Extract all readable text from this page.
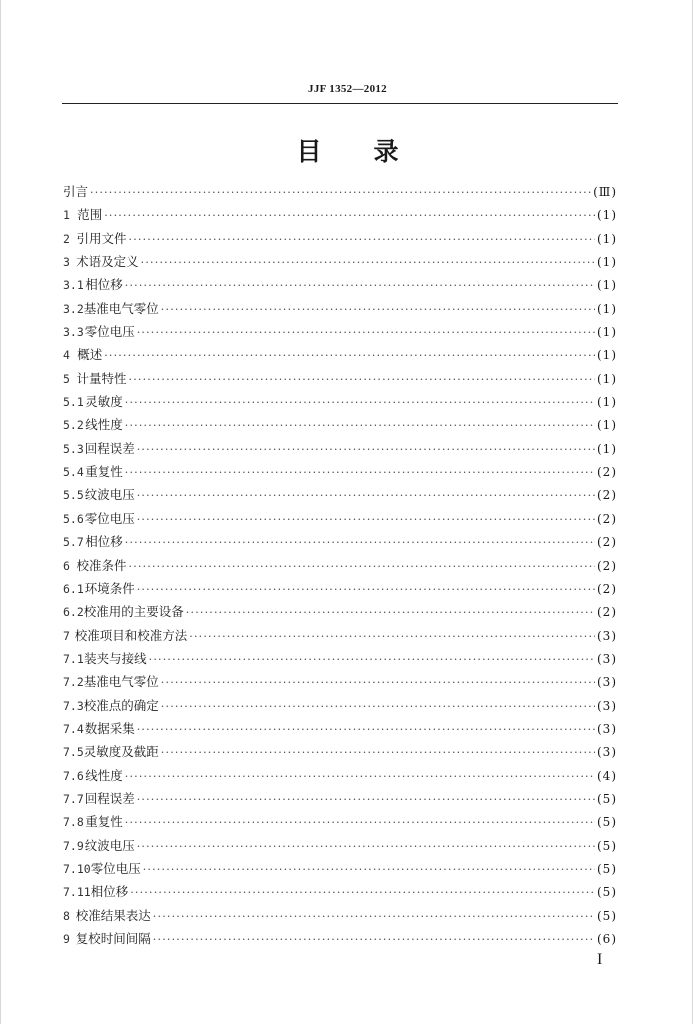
JJF 1352—2012
目录
引言 ·····	(Ⅲ)
1 范围 ·····	(1)
2 引用文件 ·····	(1)
3 术语及定义 ·····	(1)
3.1 相位移 ·····	(1)
3.2 基准电气零位 ·····	(1)
3.3 零位电压 ·····	(1)
4 概述 ·····	(1)
5 计量特性 ·····	(1)
5.1 灵敏度 ·····	(1)
5.2 线性度 ·····	(1)
5.3 回程误差 ·····	(1)
5.4 重复性 ·····	(2)
5.5 纹波电压 ·····	(2)
5.6 零位电压 ·····	(2)
5.7 相位移 ·····	(2)
6 校准条件 ·····	(2)
6.1 环境条件 ·····	(2)
6.2 校准用的主要设备 ·····	(2)
7 校准项目和校准方法 ·····	(3)
7.1 装夹与接线 ·····	(3)
7.2 基准电气零位 ·····	(3)
7.3 校准点的确定 ·····	(3)
7.4 数据采集 ·····	(3)
7.5 灵敏度及截距 ·····	(3)
7.6 线性度 ·····	(4)
7.7 回程误差 ·····	(5)
7.8 重复性 ·····	(5)
7.9 纹波电压 ·····	(5)
7.10 零位电压 ·····	(5)
7.11 相位移 ·····	(5)
8 校准结果表达 ·····	(5)
9 复校时间间隔 ·····	(6)
I
